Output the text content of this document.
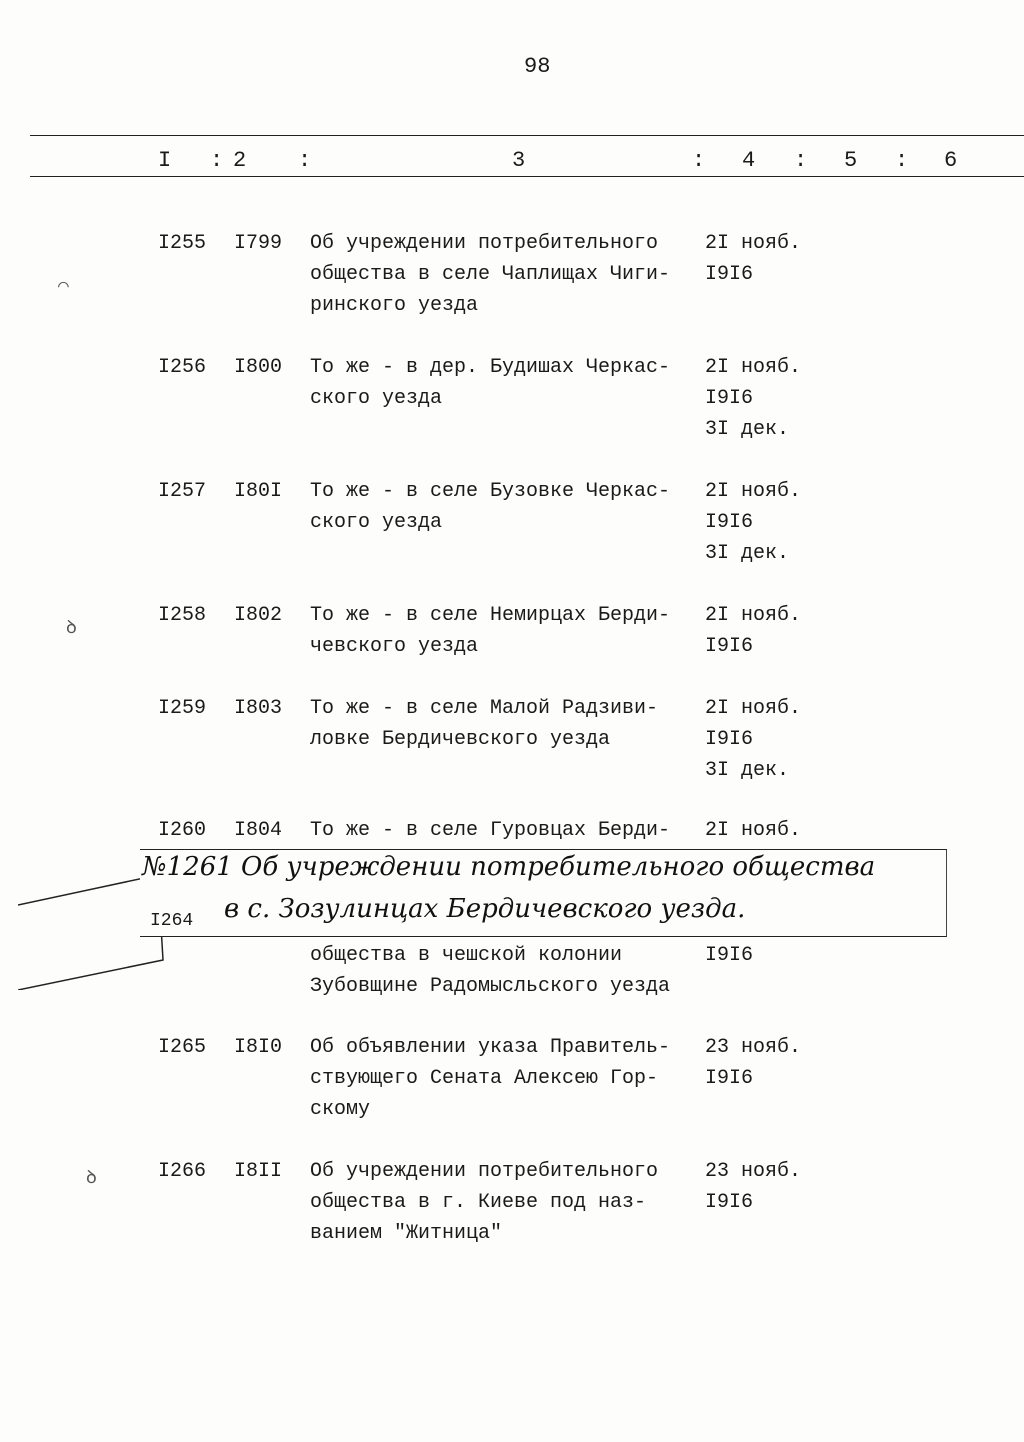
98
I : 2 :	3	: 4 : 5 : 6
I255 I799 Об учреждении потребительного
общества в селе Чаплищах Чиги-
ринского уезда
2I нояб.
I9I6
I256 I800 То же - в дер. Будишах Черкас-
ского уезда
2I нояб.
I9I6
3I дек.
I257 I80I То же - в селе Бузовке Черкас-
ского уезда
2I нояб.
I9I6
3I дек.
I258 I802 То же - в селе Немирцах Берди-
чевского уезда
2I нояб.
I9I6
I259 I803 То же - в селе Малой Радзиви-
ловке Бердичевского уезда
2I нояб.
I9I6
3I дек.
I260 I804 То же - в селе Гуровцах Берди- 2I нояб.
общества в чешской колонии
Зубовщине Радомысльского уезда
I9I6
I265 I8I0 Об объявлении указа Правитель-
ствующего Сената Алексею Гор-
скому
23 нояб.
I9I6
I266 I8II Об учреждении потребительного
общества в г. Киеве под наз-
ванием "Житница"
23 нояб.
I9I6
№1261 Об учреждении потребительного общества
в с. Зозулинцах Бердичевского уезда.
I264
⌒
ꝺ
ꝺ
